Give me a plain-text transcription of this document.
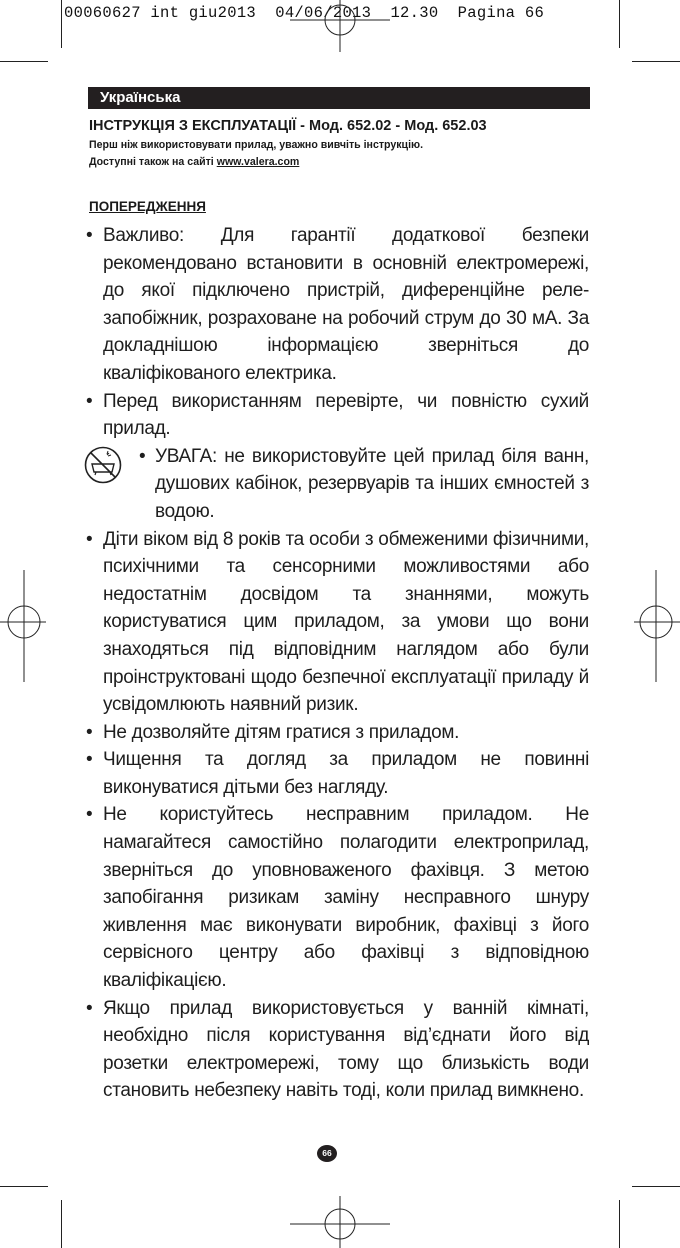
00060627 int giu2013  04/06/2013  12.30  Pagina 66
Українська
ІНСТРУКЦІЯ З ЕКСПЛУАТАЦІЇ - Мод. 652.02 - Мод. 652.03
Перш ніж використовувати прилад, уважно вивчіть інструкцію.
Доступні також на сайті www.valera.com
ПОПЕРЕДЖЕННЯ
• Важливо: Для гарантії додаткової безпеки рекомендовано встановити в основній електромережі, до якої підключено пристрій, диференційне реле-запобіжник, розраховане на робочий струм до 30 мА. За докладнішою інформацією зверніться до кваліфікованого електрика.
• Перед використанням перевірте, чи повністю сухий прилад.
• УВАГА: не використовуйте цей прилад біля ванн, душових кабінок, резервуарів та інших ємностей з водою.
• Діти віком від 8 років та особи з обмеженими фізичними, психічними та сенсорними можливостями або недостатнім досвідом та знаннями, можуть користуватися цим приладом, за умови що вони знаходяться під відповідним наглядом або були проінструктовані щодо безпечної експлуатації приладу й усвідомлюють наявний ризик.
• Не дозволяйте дітям гратися з приладом.
• Чищення та догляд за приладом не повинні виконуватися дітьми без нагляду.
• Не користуйтесь несправним приладом. Не намагайтеся самостійно полагодити електроприлад, зверніться до уповноваженого фахівця. З метою запобігання ризикам заміну несправного шнуру живлення має виконувати виробник, фахівці з його сервісного центру або фахівці з відповідною кваліфікацією.
• Якщо прилад використовується у ванній кімнаті, необхідно після користування від’єднати його від розетки електромережі, тому що близькість води становить небезпеку навіть тоді, коли прилад вимкнено.
66
